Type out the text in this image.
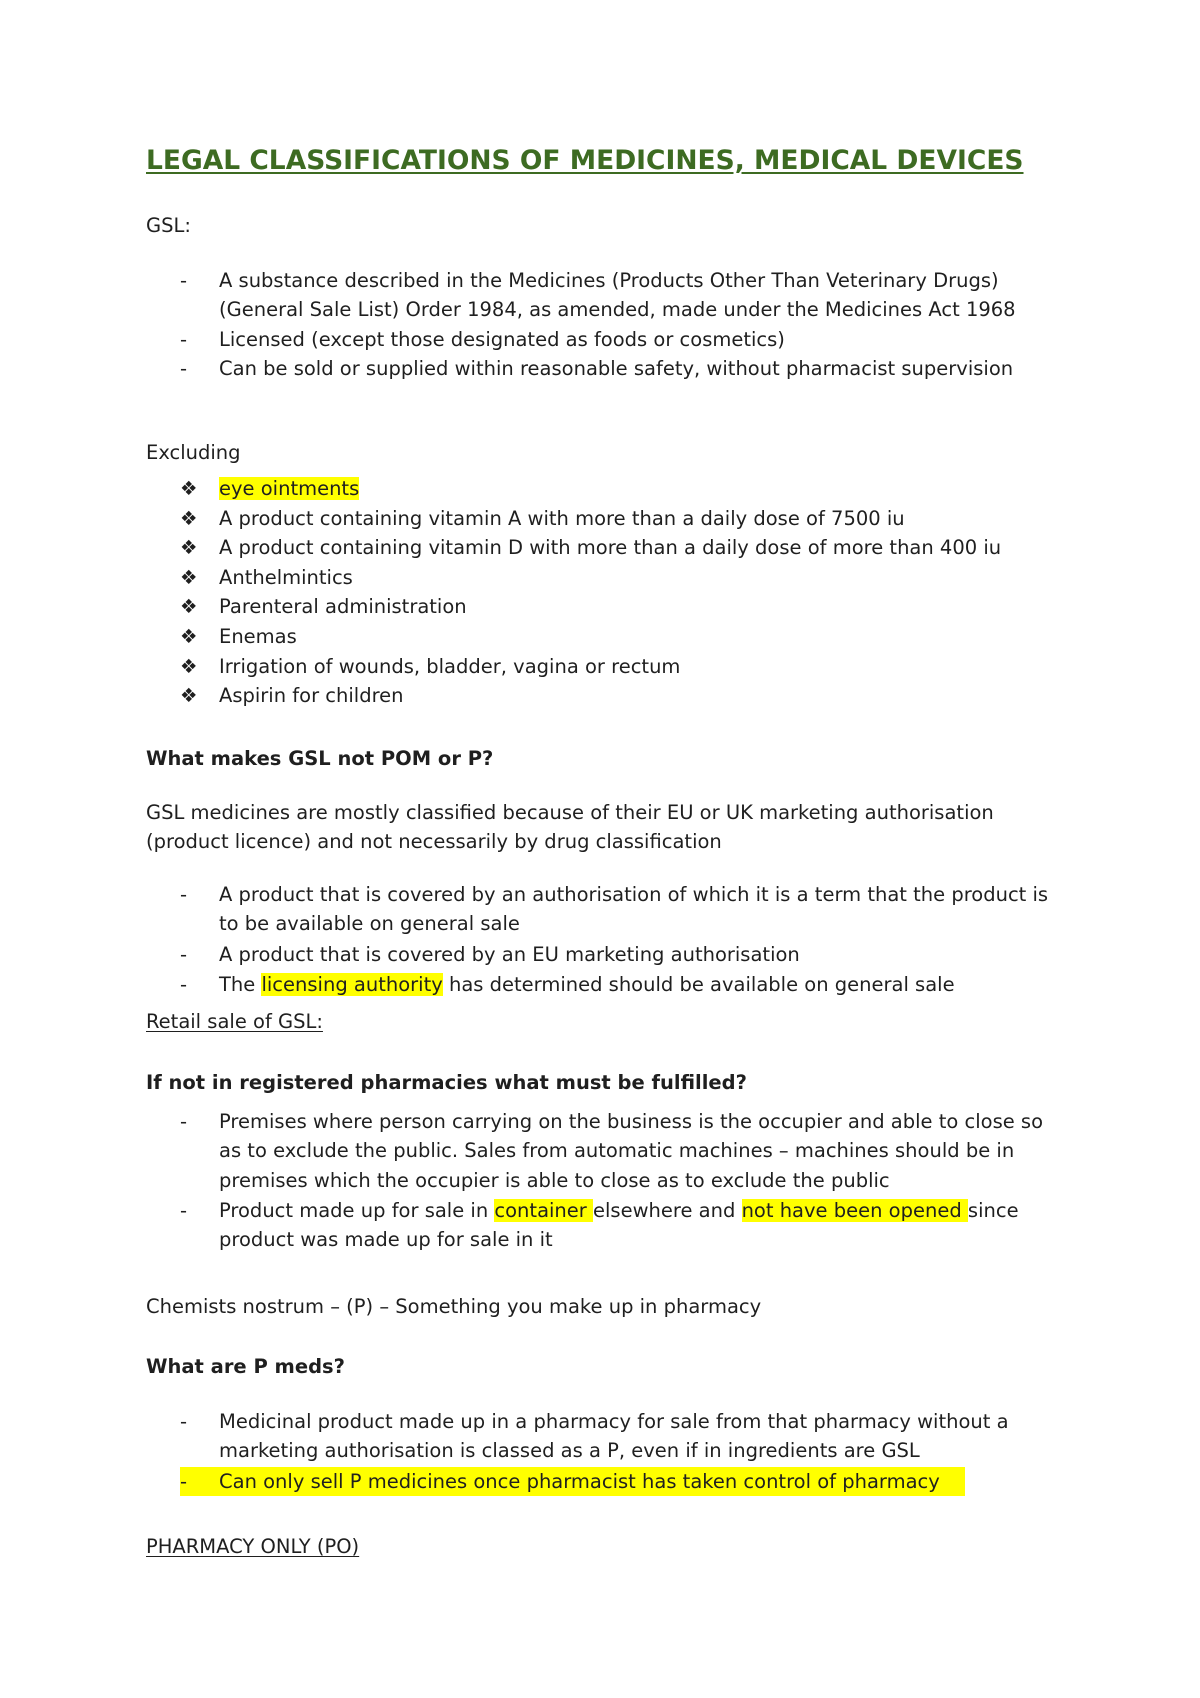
LEGAL CLASSIFICATIONS OF MEDICINES, MEDICAL DEVICES
GSL:
-	A substance described in the Medicines (Products Other Than Veterinary Drugs) (General Sale List) Order 1984, as amended, made under the Medicines Act 1968
-	Licensed (except those designated as foods or cosmetics)
-	Can be sold or supplied within reasonable safety, without pharmacist supervision
Excluding
❖	eye ointments
❖	A product containing vitamin A with more than a daily dose of 7500 iu
❖	A product containing vitamin D with more than a daily dose of more than 400 iu
❖	Anthelmintics
❖	Parenteral administration
❖	Enemas
❖	Irrigation of wounds, bladder, vagina or rectum
❖	Aspirin for children
What makes GSL not POM or P?
GSL medicines are mostly classified because of their EU or UK marketing authorisation (product licence) and not necessarily by drug classification
-	A product that is covered by an authorisation of which it is a term that the product is to be available on general sale
-	A product that is covered by an EU marketing authorisation
-	The licensing authority has determined should be available on general sale
Retail sale of GSL:
If not in registered pharmacies what must be fulfilled?
-	Premises where person carrying on the business is the occupier and able to close so as to exclude the public. Sales from automatic machines – machines should be in premises which the occupier is able to close as to exclude the public
-	Product made up for sale in container elsewhere and not have been opened since product was made up for sale in it
Chemists nostrum – (P) – Something you make up in pharmacy
What are P meds?
-	Medicinal product made up in a pharmacy for sale from that pharmacy without a marketing authorisation is classed as a P, even if in ingredients are GSL
-	Can only sell P medicines once pharmacist has taken control of pharmacy
PHARMACY ONLY (PO)
